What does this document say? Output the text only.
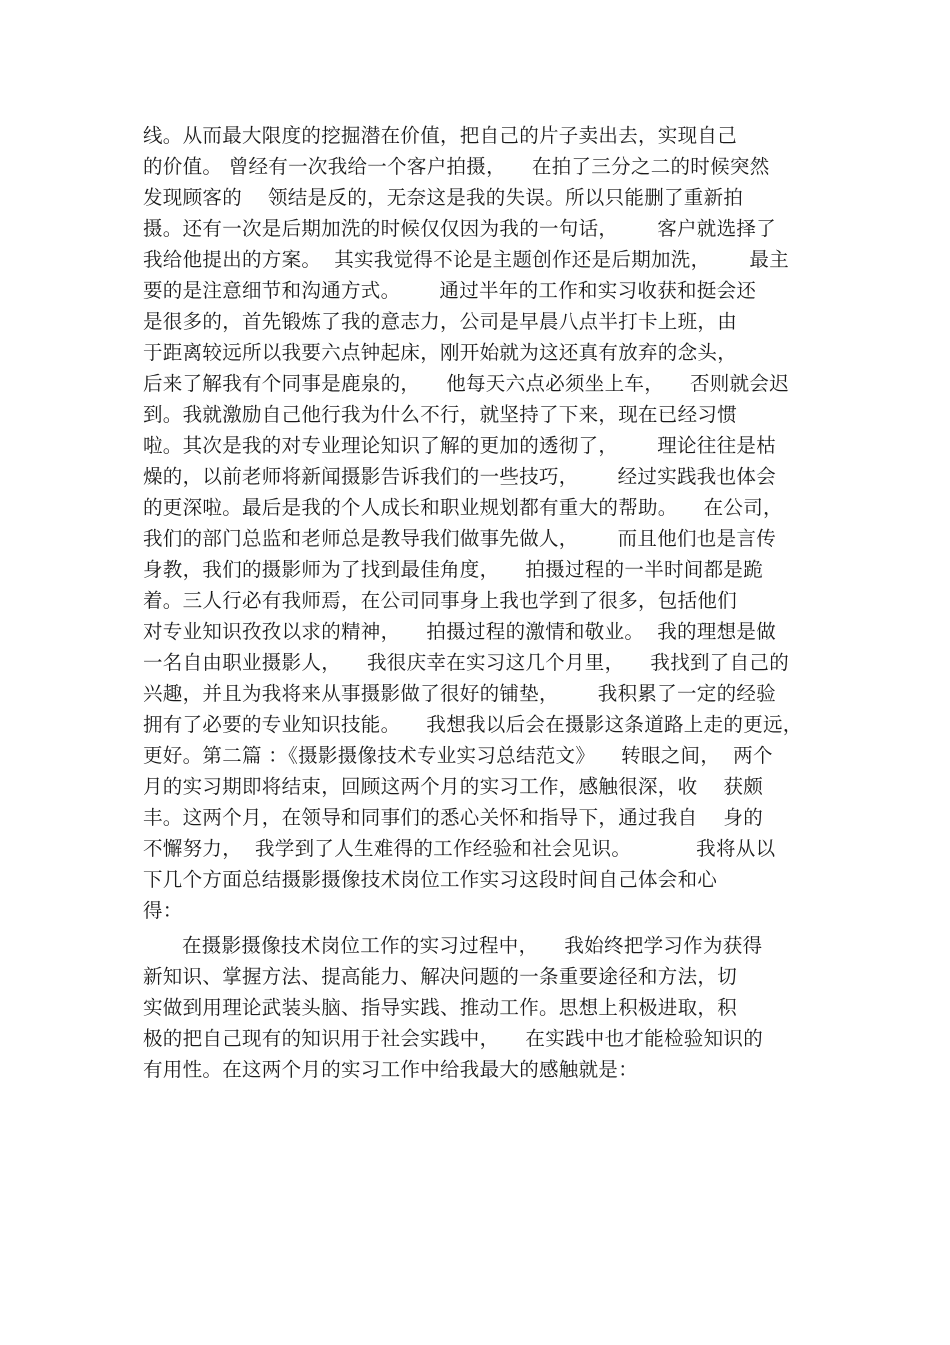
线。从而最大限度的挖掘潜在价值，把自己的片子卖出去，实现自己
的价值。 曾经有一次我给一个客户拍摄，    在拍了三分之二的时候突然
发现顾客的    领结是反的，无奈这是我的失误。所以只能删了重新拍
摄。还有一次是后期加洗的时候仅仅因为我的一句话，      客户就选择了
我给他提出的方案。  其实我觉得不论是主题创作还是后期加洗，      最主
要的是注意细节和沟通方式。      通过半年的工作和实习收获和挺会还
是很多的，首先锻炼了我的意志力，公司是早晨八点半打卡上班，由
于距离较远所以我要六点钟起床，刚开始就为这还真有放弃的念头，
后来了解我有个同事是鹿泉的，    他每天六点必须坐上车，    否则就会迟
到。我就激励自己他行我为什么不行，就坚持了下来，现在已经习惯
啦。其次是我的对专业理论知识了解的更加的透彻了，      理论往往是枯
燥的，以前老师将新闻摄影告诉我们的一些技巧，      经过实践我也体会
的更深啦。最后是我的个人成长和职业规划都有重大的帮助。    在公司，
我们的部门总监和老师总是教导我们做事先做人，      而且他们也是言传
身教，我们的摄影师为了找到最佳角度，    拍摄过程的一半时间都是跪
着。三人行必有我师焉，在公司同事身上我也学到了很多，包括他们
对专业知识孜孜以求的精神，    拍摄过程的激情和敬业。  我的理想是做
一名自由职业摄影人，    我很庆幸在实习这几个月里，    我找到了自己的
兴趣，并且为我将来从事摄影做了很好的铺垫，      我积累了一定的经验
拥有了必要的专业知识技能。    我想我以后会在摄影这条道路上走的更远，
更好。第二篇 ：《摄影摄像技术专业实习总结范文》    转眼之间，  两个
月的实习期即将结束，回顾这两个月的实习工作，感触很深，收    获颇
丰。这两个月，在领导和同事们的悉心关怀和指导下，通过我自    身的
不懈努力，  我学到了人生难得的工作经验和社会见识。          我将从以
下几个方面总结摄影摄像技术岗位工作实习这段时间自己体会和心
得：
在摄影摄像技术岗位工作的实习过程中，    我始终把学习作为获得
新知识、掌握方法、提高能力、解决问题的一条重要途径和方法，切
实做到用理论武装头脑、指导实践、推动工作。思想上积极进取，积
极的把自己现有的知识用于社会实践中，    在实践中也才能检验知识的
有用性。在这两个月的实习工作中给我最大的感触就是：
